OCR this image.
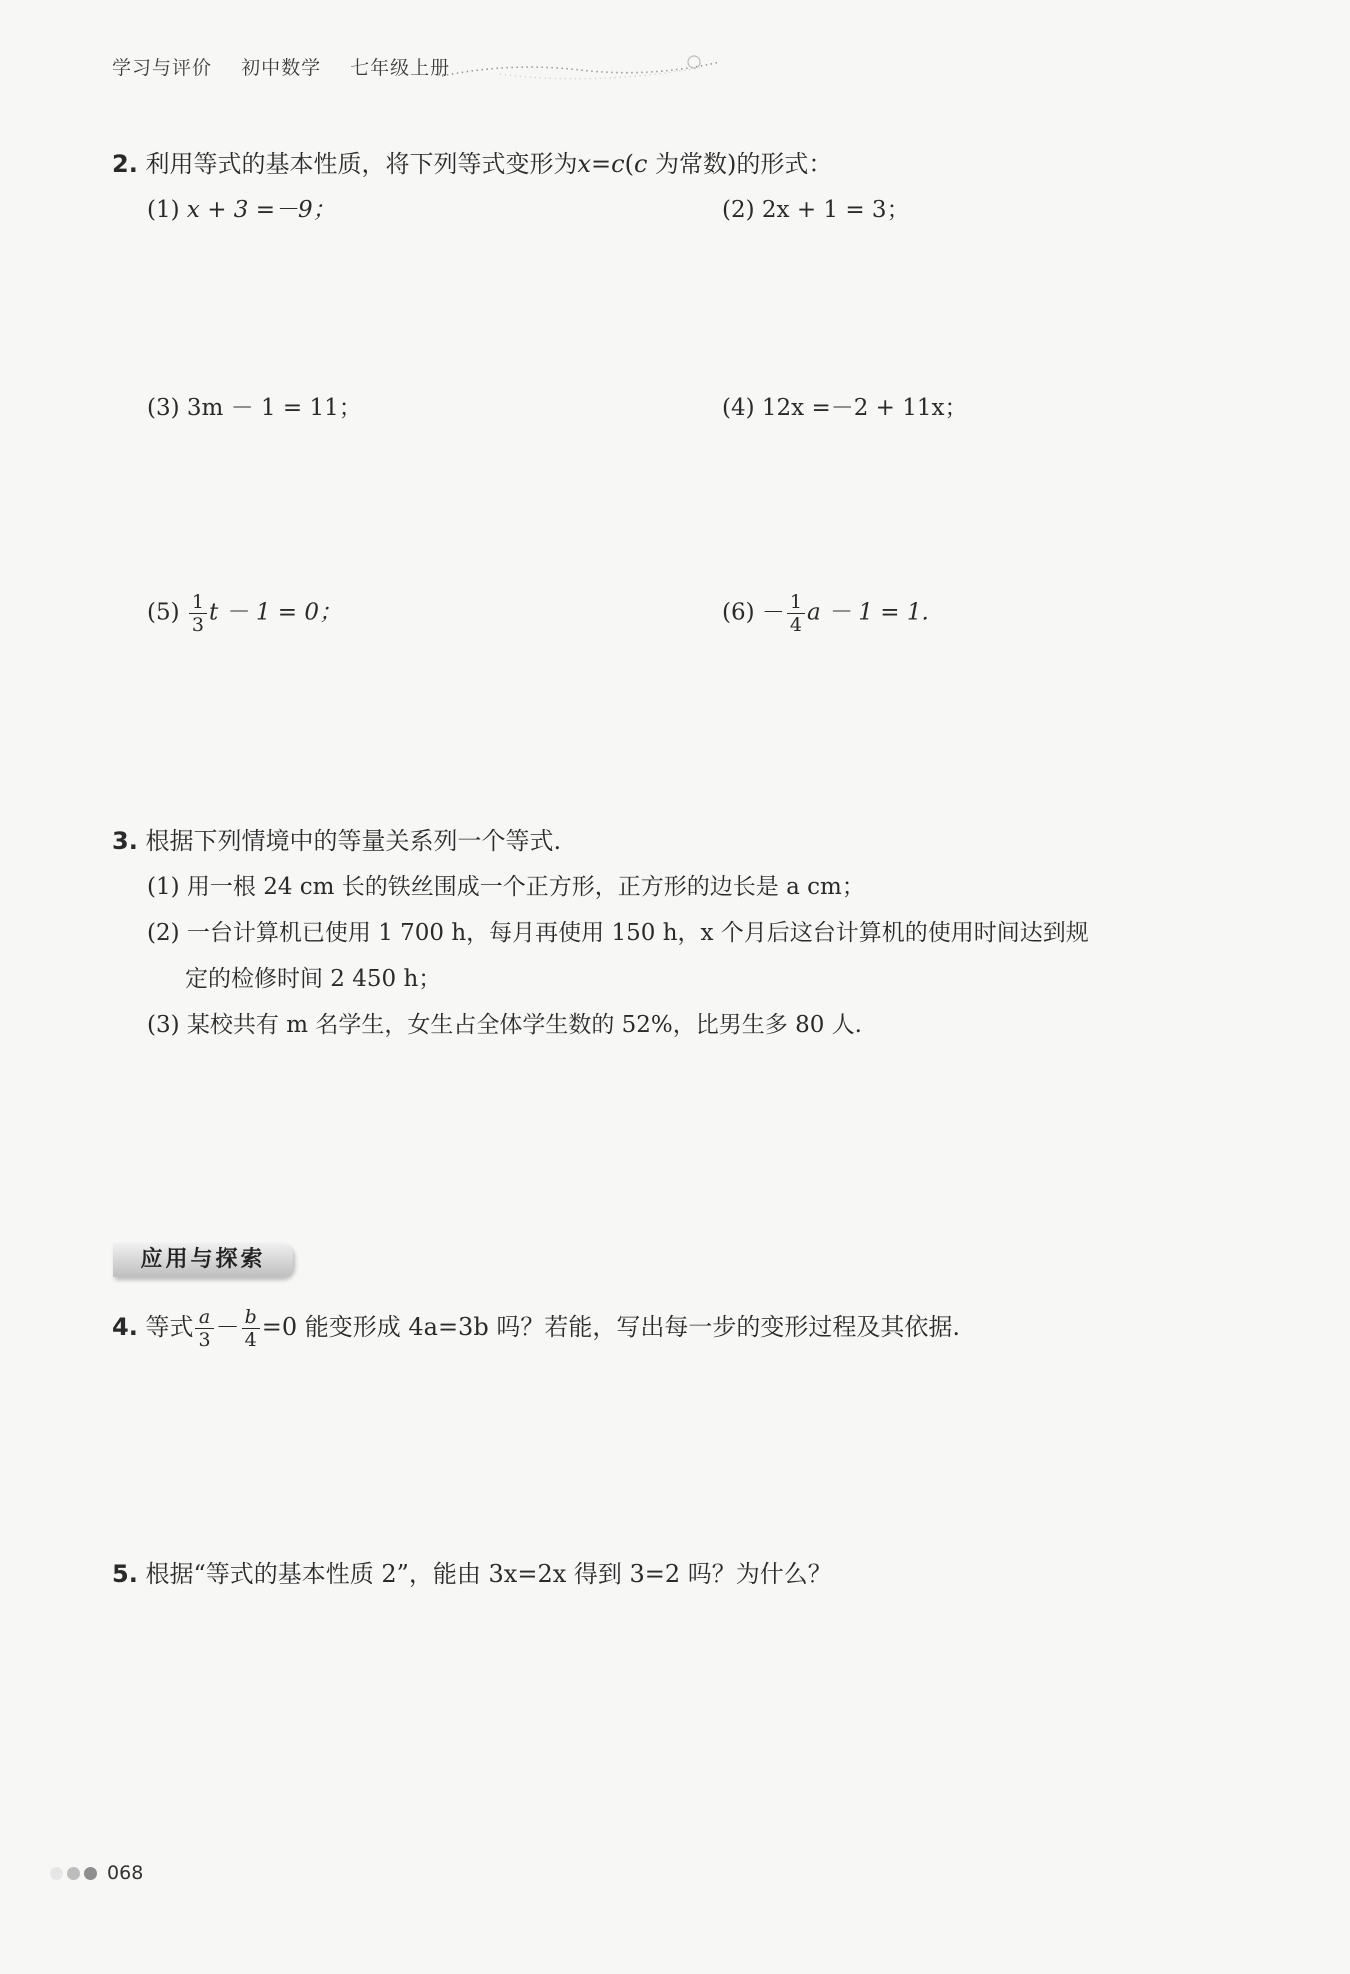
学习与评价 初中数学 七年级上册
2. 利用等式的基本性质，将下列等式变形为x=c(c 为常数)的形式：
(1) x + 3 =－9；	(2) 2x + 1 = 3；
(3) 3m － 1 = 11；	(4) 12x =－2 + 11x；
$(5) \frac{1}{3}$ t － 1 = 0；	$(6) - \frac{1}{4}$ a － 1 = 1.
3. 根据下列情境中的等量关系列一个等式.
(1) 用一根 24 cm 长的铁丝围成一个正方形，正方形的边长是 a cm；
(2) 一台计算机已使用 1 700 h，每月再使用 150 h，x 个月后这台计算机的使用时间达到规
定的检修时间 2 450 h；
(3) 某校共有 m 名学生，女生占全体学生数的 52%，比男生多 80 人.
应用与探索
4. 等式 $\frac{a}{3} - \frac{b}{4} =0$ 能变形成 4a=3b 吗？若能，写出每一步的变形过程及其依据.
5. 根据“等式的基本性质 2”，能由 3x=2x 得到 3=2 吗？为什么？
068
